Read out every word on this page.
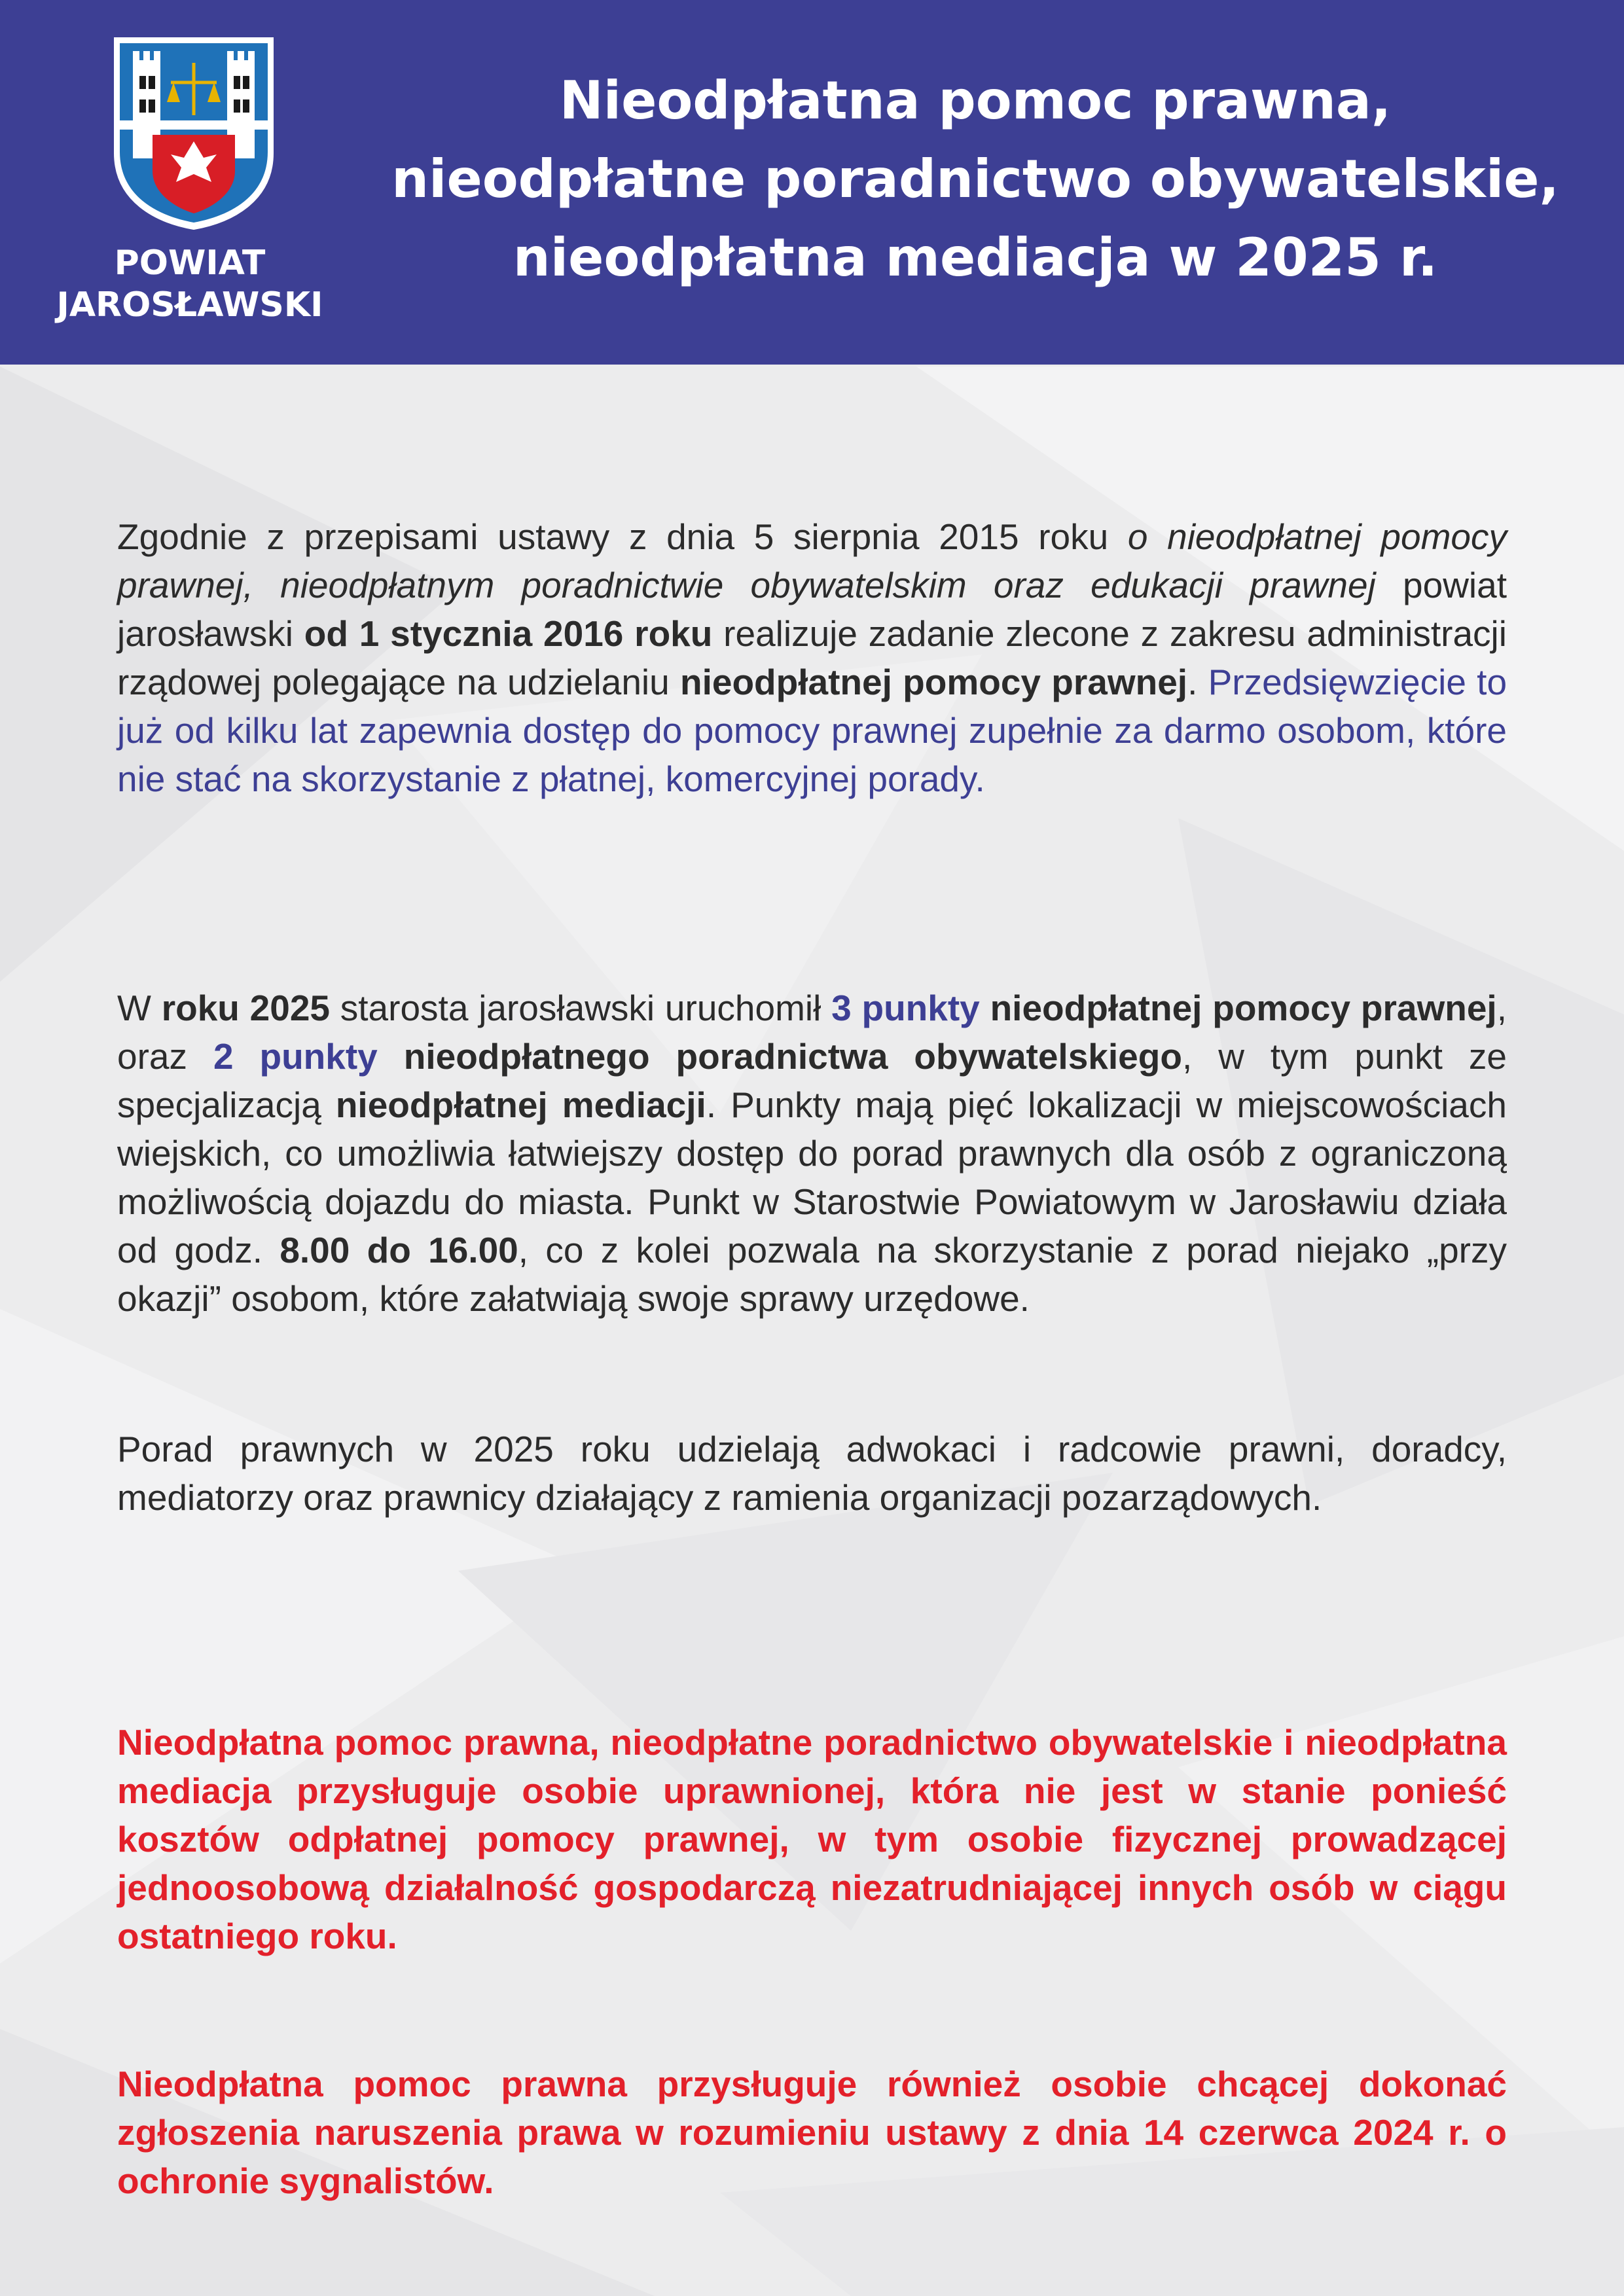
POWIAT
JAROSŁAWSKI
Nieodpłatna pomoc prawna,
nieodpłatne poradnictwo obywatelskie,
nieodpłatna mediacja w 2025 r.

Zgodnie z przepisami ustawy z dnia 5 sierpnia 2015 roku o nieodpłatnej pomocy prawnej, nieodpłatnym poradnictwie obywatelskim oraz edukacji prawnej powiat jarosławski od 1 stycznia 2016 roku realizuje zadanie zlecone z zakresu administracji rządowej polegające na udzielaniu nieodpłatnej pomocy prawnej. Przedsięwzięcie to już od kilku lat zapewnia dostęp do pomocy prawnej zupełnie za darmo osobom, które nie stać na skorzystanie z płatnej, komercyjnej porady.

W roku 2025 starosta jarosławski uruchomił 3 punkty nieodpłatnej pomocy prawnej, oraz 2 punkty nieodpłatnego poradnictwa obywatelskiego, w tym punkt ze specjalizacją nieodpłatnej mediacji. Punkty mają pięć lokalizacji w miejscowościach wiejskich, co umożliwia łatwiejszy dostęp do porad prawnych dla osób z ograniczoną możliwością dojazdu do miasta. Punkt w Starostwie Powiatowym w Jarosławiu działa od godz. 8.00 do 16.00, co z kolei pozwala na skorzystanie z porad niejako „przy okazji” osobom, które załatwiają swoje sprawy urzędowe.

Porad prawnych w 2025 roku udzielają adwokaci i radcowie prawni, doradcy, mediatorzy oraz prawnicy działający z ramienia organizacji pozarządowych.

Nieodpłatna pomoc prawna, nieodpłatne poradnictwo obywatelskie i nieodpłatna mediacja przysługuje osobie uprawnionej, która nie jest w stanie ponieść kosztów odpłatnej pomocy prawnej, w tym osobie fizycznej prowadzącej jednoosobową działalność gospodarczą niezatrudniającej innych osób w ciągu ostatniego roku.

Nieodpłatna pomoc prawna przysługuje również osobie chcącej dokonać zgłoszenia naruszenia prawa w rozumieniu ustawy z dnia 14 czerwca 2024 r. o ochronie sygnalistów.
